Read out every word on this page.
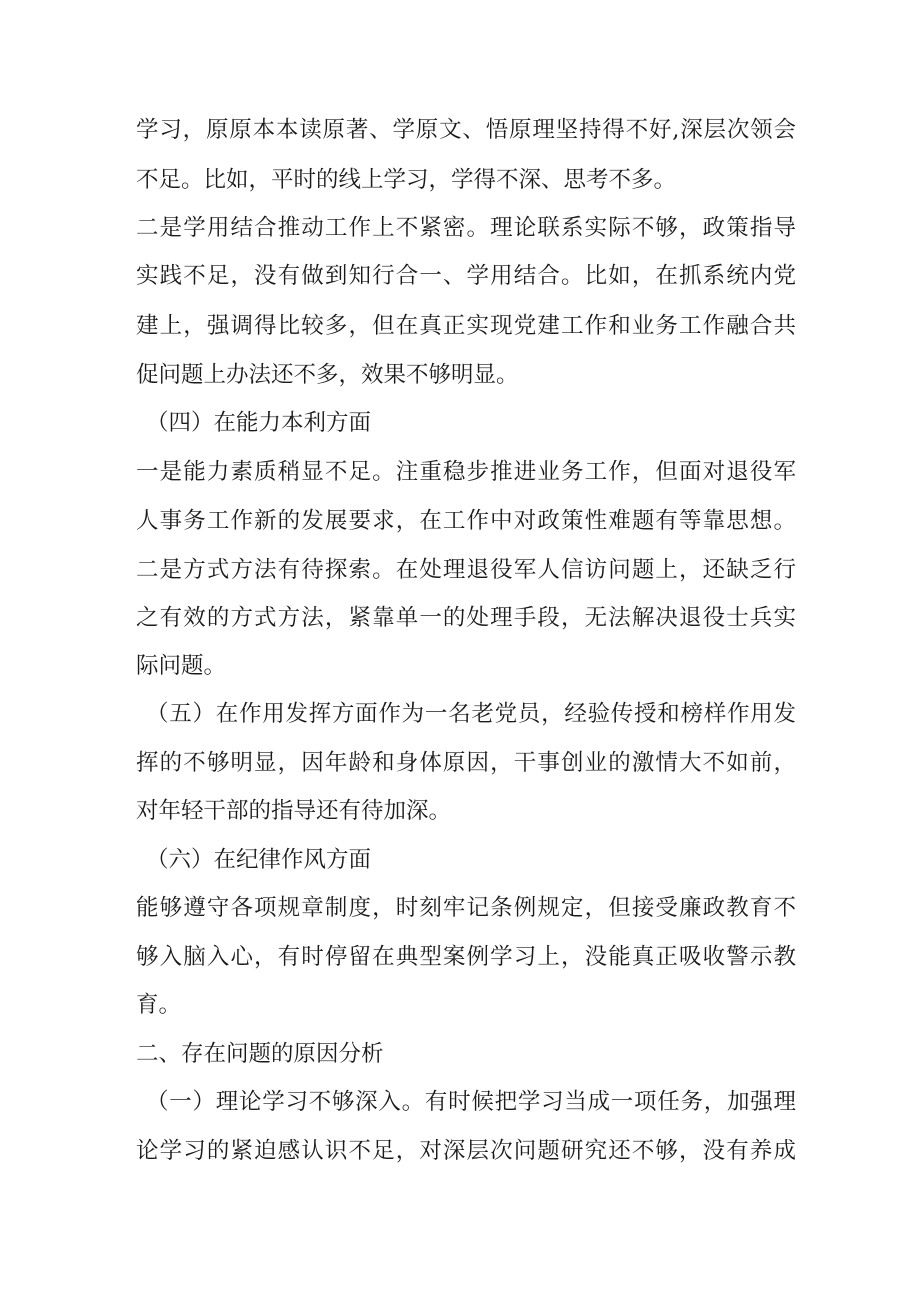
学习，原原本本读原著、学原文、悟原理坚持得不好,深层次领会
不足。比如，平时的线上学习，学得不深、思考不多。
二是学用结合推动工作上不紧密。理论联系实际不够，政策指导
实践不足，没有做到知行合一、学用结合。比如，在抓系统内党
建上，强调得比较多，但在真正实现党建工作和业务工作融合共
促问题上办法还不多，效果不够明显。
（四）在能力本利方面
一是能力素质稍显不足。注重稳步推进业务工作，但面对退役军
人事务工作新的发展要求，在工作中对政策性难题有等靠思想。
二是方式方法有待探索。在处理退役军人信访问题上，还缺乏行
之有效的方式方法，紧靠单一的处理手段，无法解决退役士兵实
际问题。
（五）在作用发挥方面作为一名老党员，经验传授和榜样作用发
挥的不够明显，因年龄和身体原因，干事创业的激情大不如前，
对年轻干部的指导还有待加深。
（六）在纪律作风方面
能够遵守各项规章制度，时刻牢记条例规定，但接受廉政教育不
够入脑入心，有时停留在典型案例学习上，没能真正吸收警示教
育。
二、存在问题的原因分析
（一）理论学习不够深入。有时候把学习当成一项任务，加强理
论学习的紧迫感认识不足，对深层次问题研究还不够，没有养成
